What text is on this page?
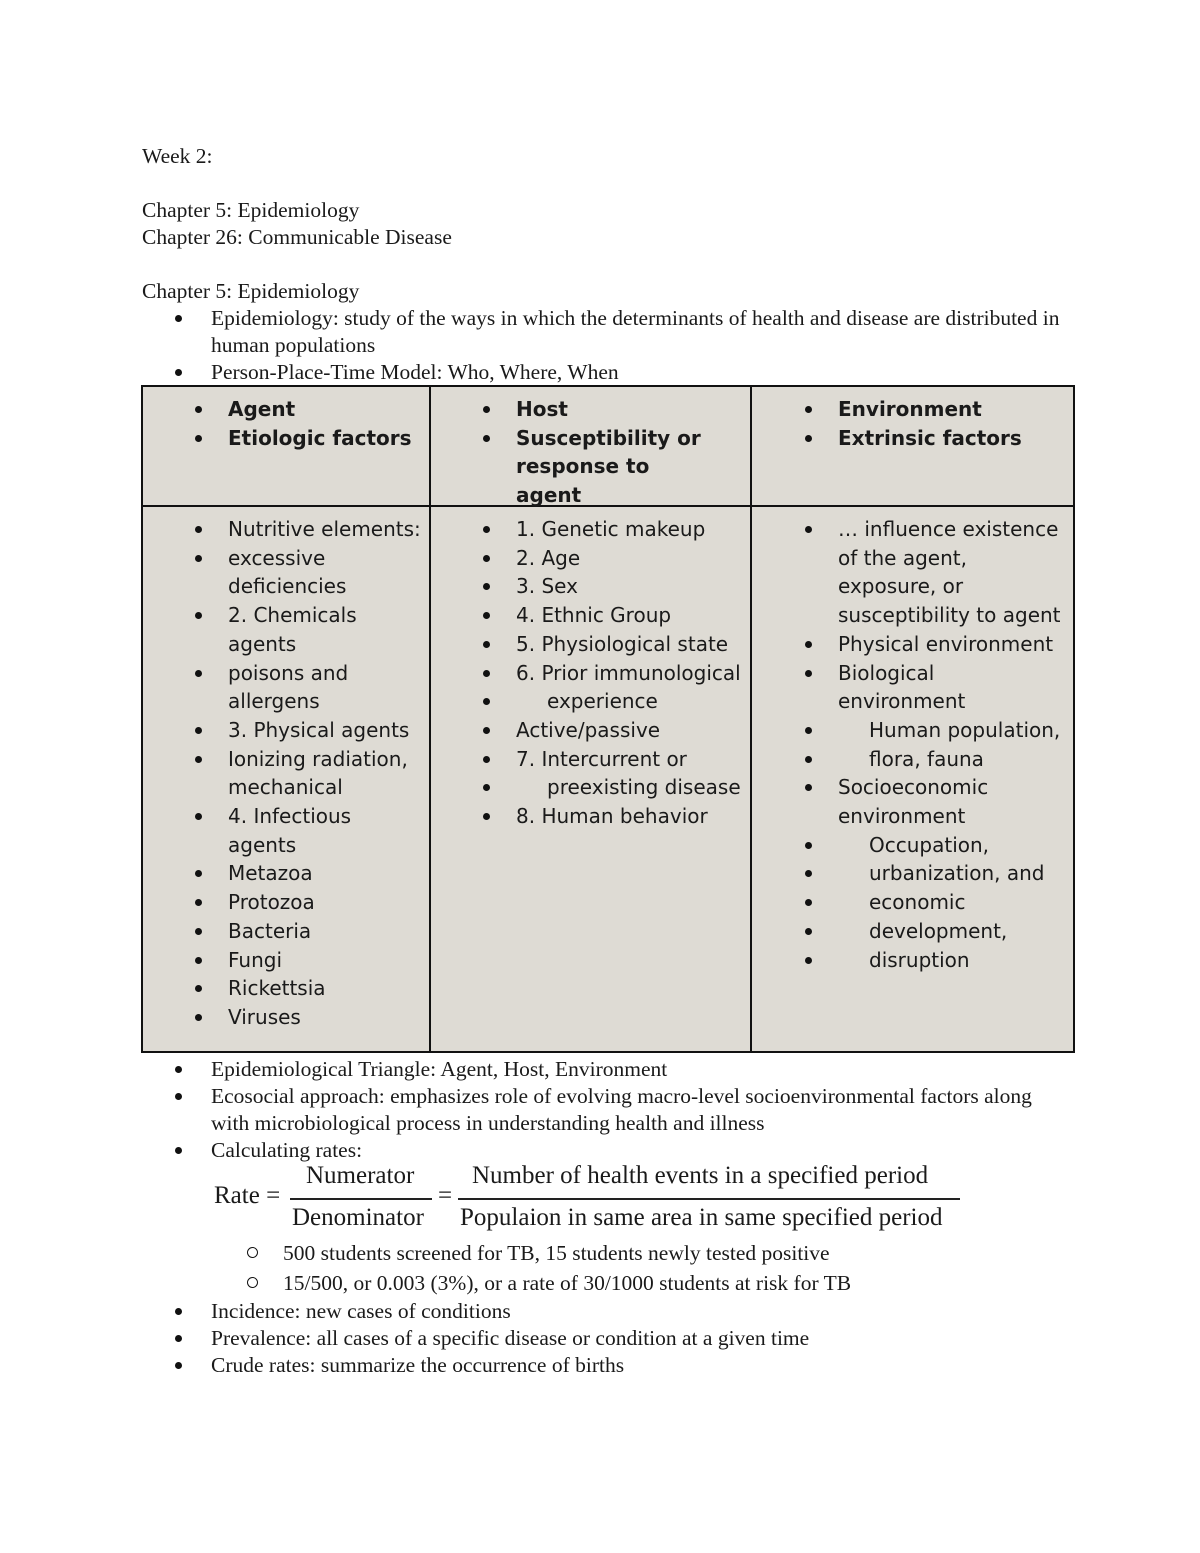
Week 2:
Chapter 5: Epidemiology
Chapter 26: Communicable Disease
Chapter 5: Epidemiology
Epidemiology: study of the ways in which the determinants of health and disease are distributed in human populations
Person-Place-Time Model: Who, Where, When
Agent
Etiologic factors
Host
Susceptibility or response to agent
Environment
Extrinsic factors
Nutritive elements:
excessive deficiencies
2. Chemicals agents
poisons and allergens
3. Physical agents
Ionizing radiation, mechanical
4. Infectious agents
Metazoa
Protozoa
Bacteria
Fungi
Rickettsia
Viruses
1. Genetic makeup
2. Age
3. Sex
4. Ethnic Group
5. Physiological state
6. Prior immunological
experience
Active/passive
7. Intercurrent or
preexisting disease
8. Human behavior
… influence existence of the agent, exposure, or susceptibility to agent
Physical environment
Biological environment
Human population,
flora, fauna
Socioeconomic environment
Occupation,
urbanization, and
economic
development,
disruption
Epidemiological Triangle: Agent, Host, Environment
Ecosocial approach: emphasizes role of evolving macro-level socioenvironmental factors along with microbiological process in understanding health and illness
Calculating rates:
Rate =
Numerator
Denominator
=
Number of health events in a specified period
Populaion in same area in same specified period
500 students screened for TB, 15 students newly tested positive
15/500, or 0.003 (3%), or a rate of 30/1000 students at risk for TB
Incidence: new cases of conditions
Prevalence: all cases of a specific disease or condition at a given time
Crude rates: summarize the occurrence of births
